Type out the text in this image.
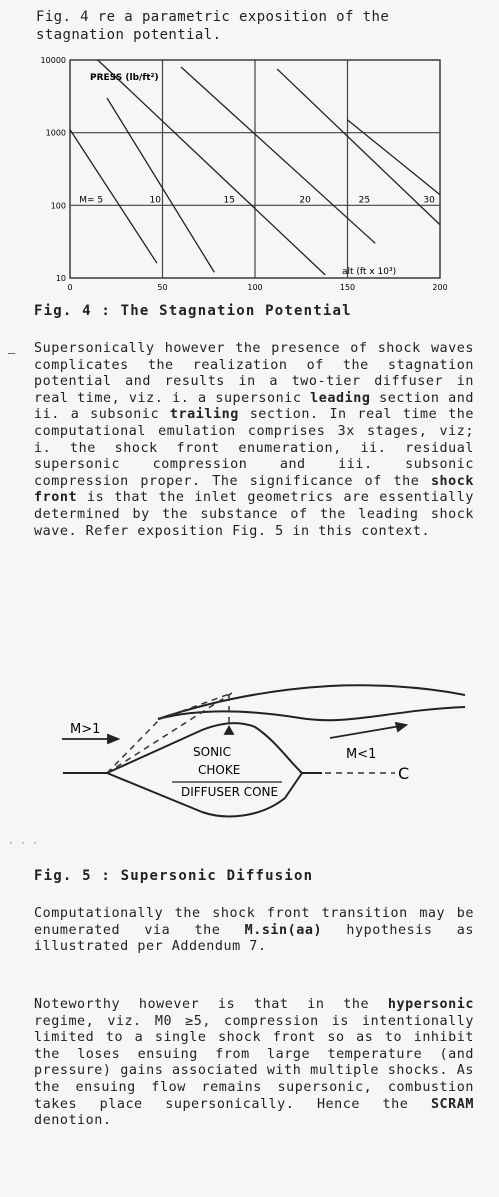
Fig. 4 re a parametric exposition of the stagnation potential.
10
100
1000
10000
0	50	100	150	200
M= 5	10	15	20	25	30
PRESS (lb/ft²)
alt (ft x 10³)
Fig. 4 : The Stagnation Potential
– Supersonically however the presence of shock waves complicates the realization of the stagnation potential and results in a two-tier diffuser in real time, viz. i. a supersonic leading section and ii. a subsonic trailing section. In real time the computational emulation comprises 3x stages, viz; i. the shock front enumeration, ii. residual supersonic compression and iii. subsonic compression proper. The significance of the shock front is that the inlet geometrics are essentially determined by the substance of the leading shock wave. Refer exposition Fig. 5 in this context.

M>1
M<1
SONIC
CHOKE
DIFFUSER CONE
C
· · ·
Fig. 5 : Supersonic Diffusion

Computationally the shock front transition may be enumerated via the M.sin(aa) hypothesis as illustrated per Addendum 7.

Noteworthy however is that in the hypersonic regime, viz. M0 ≥5, compression is intentionally limited to a single shock front so as to inhibit the loses ensuing from large temperature (and pressure) gains associated with multiple shocks. As the ensuing flow remains supersonic, combustion takes place supersonically. Hence the SCRAM denotion.
